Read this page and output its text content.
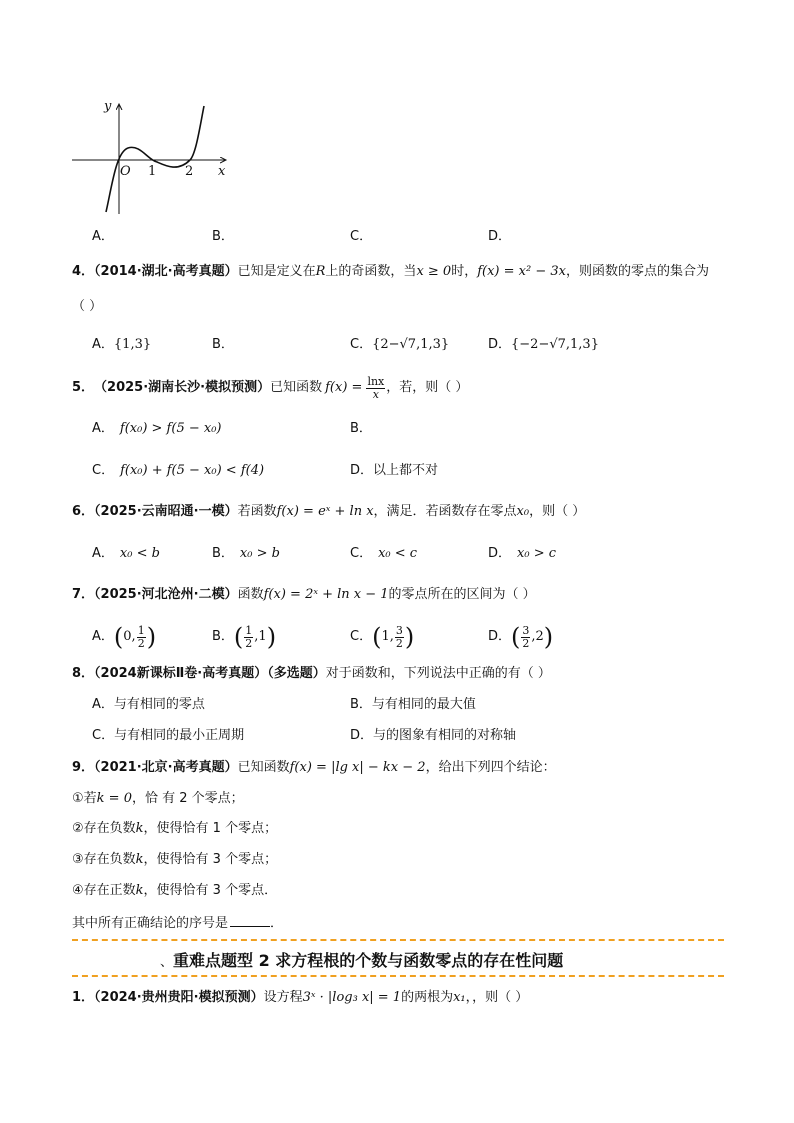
y
x
O 1 2
A．	B．	C．	D．
4．（2014·湖北·高考真题）已知是定义在R上的奇函数，当x ≥ 0时，f(x) = x² − 3x，则函数的零点的集合为
（ ）
A．{1,3}	B．	C．{2−√7,1,3}	D．{−2−√7,1,3}
5． （2025·湖南长沙·模拟预测） 已知函数 $f(x) = \frac{\ln x}{x}$ ，若，则（ ）
A． f(x₀) > f(5 − x₀)	B．
C． f(x₀) + f(5 − x₀) < f(4)	D．以上都不对
6．（2025·云南昭通·一模）若函数f(x) = eˣ + ln x，满足．若函数存在零点x₀，则（ ）
A． x₀ < b	B． x₀ > b	C． x₀ < c	D． x₀ > c
7．（2025·河北沧州·二模）函数f(x) = 2ˣ + ln x − 1的零点所在的区间为（ ）
A． ( 0, $\frac{1}{2}$ )	B． ( $\frac{1}{2} ,1$ )	C． ( 1, $\frac{3}{2}$ )	D． ( $\frac{3}{2} ,2$ )
8．（2024新课标Ⅱ卷·高考真题）（多选题）对于函数和，下列说法中正确的有（ ）
A．与有相同的零点	B．与有相同的最大值
C．与有相同的最小正周期	D．与的图象有相同的对称轴
9．（2021·北京·高考真题）已知函数f(x) = |lg x| − kx − 2，给出下列四个结论：
①若k = 0，恰 有 2 个零点；
②存在负数k，使得恰有 1 个零点；
③存在负数k，使得恰有 3 个零点；
④存在正数k，使得恰有 3 个零点．
其中所有正确结论的序号是	．
、重难点题型 2 求方程根的个数与函数零点的存在性问题
1．（2024·贵州贵阳·模拟预测）设方程3ˣ · |log₃ x| = 1的两根为x₁，，则（ ）
